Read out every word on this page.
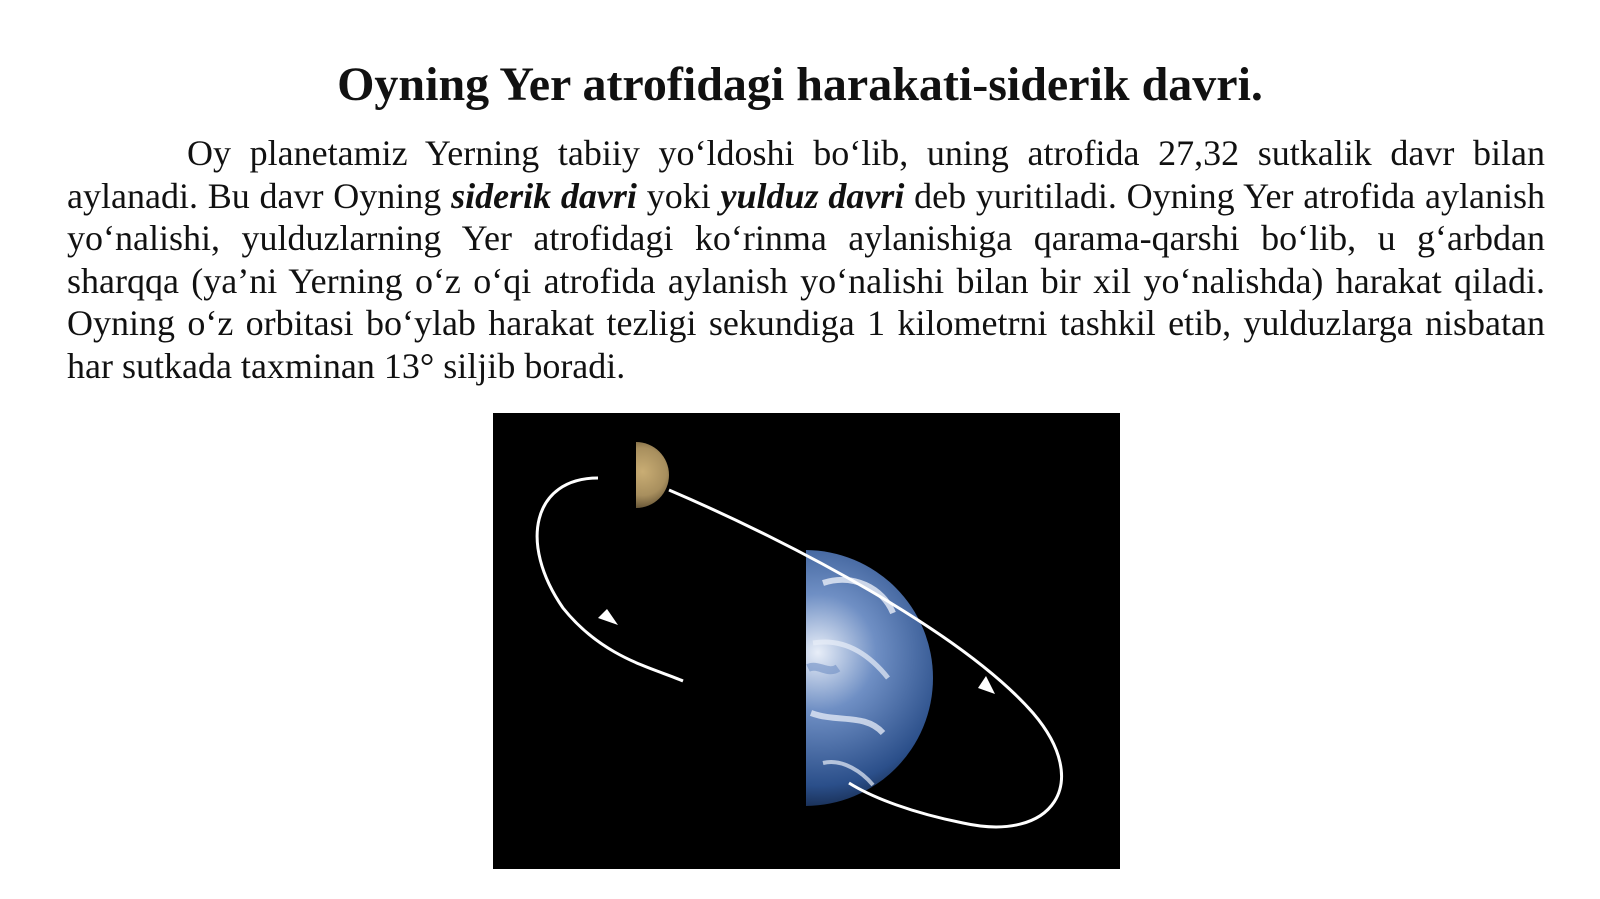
Oyning Yer atrofidagi harakati-siderik davri.

Oy planetamiz Yerning tabiiy yo‘ldoshi bo‘lib, uning atrofida 27,32 sutkalik davr bilan aylanadi. Bu davr Oyning siderik davri yoki yulduz davri deb yuritiladi. Oyning Yer atrofida aylanish yo‘nalishi, yulduzlarning Yer atrofidagi ko‘rinma aylanishiga qarama-qarshi bo‘lib, u g‘arbdan sharqqa (ya’ni Yerning o‘z o‘qi atrofida aylanish yo‘nalishi bilan bir xil yo‘nalishda) harakat qiladi. Oyning o‘z orbitasi bo‘ylab harakat tezligi sekundiga 1 kilometrni tashkil etib, yulduzlarga nisbatan har sutkada taxminan 13° siljib boradi.
